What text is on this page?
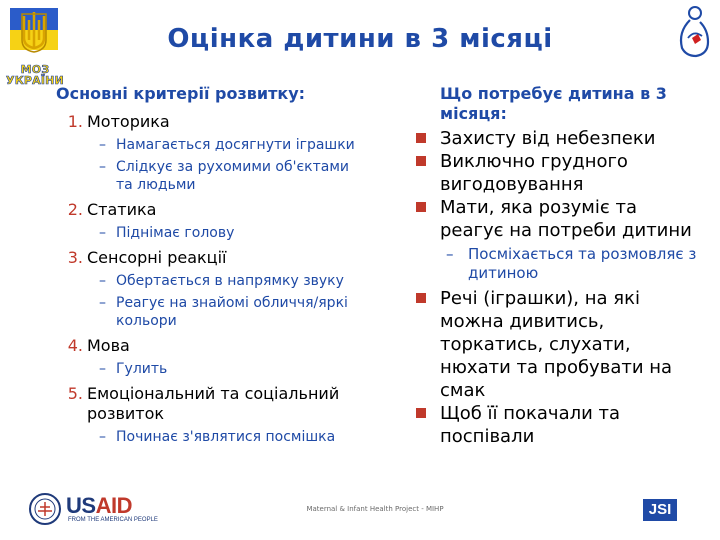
МОЗ
УКРАЇНИ
Оцінка дитини в 3 місяці
Основні критерії розвитку:
1. Моторика
– Намагається досягнути іграшки
– Слідкує за рухомими об'єктами та людьми
2. Статика
– Піднімає голову
3. Сенсорні реакції
– Обертається в напрямку звуку
– Реагує на знайомі обличчя/яркі кольори
4. Мова
– Гулить
5. Емоціональний та соціальний розвиток
– Починає з'являтися посмішка
Що потребує дитина в 3 місяця:
Захисту від небезпеки
Виключно грудного вигодовування
Мати, яка розуміє та реагує на потреби дитини
– Посміхається та розмовляє з дитиною
Речі (іграшки), на які можна дивитись, торкатись, слухати, нюхати та пробувати на смак
Щоб її покачали та поспівали
USAID
FROM THE AMERICAN PEOPLE
Maternal & Infant Health Project - MIHP	JSI
